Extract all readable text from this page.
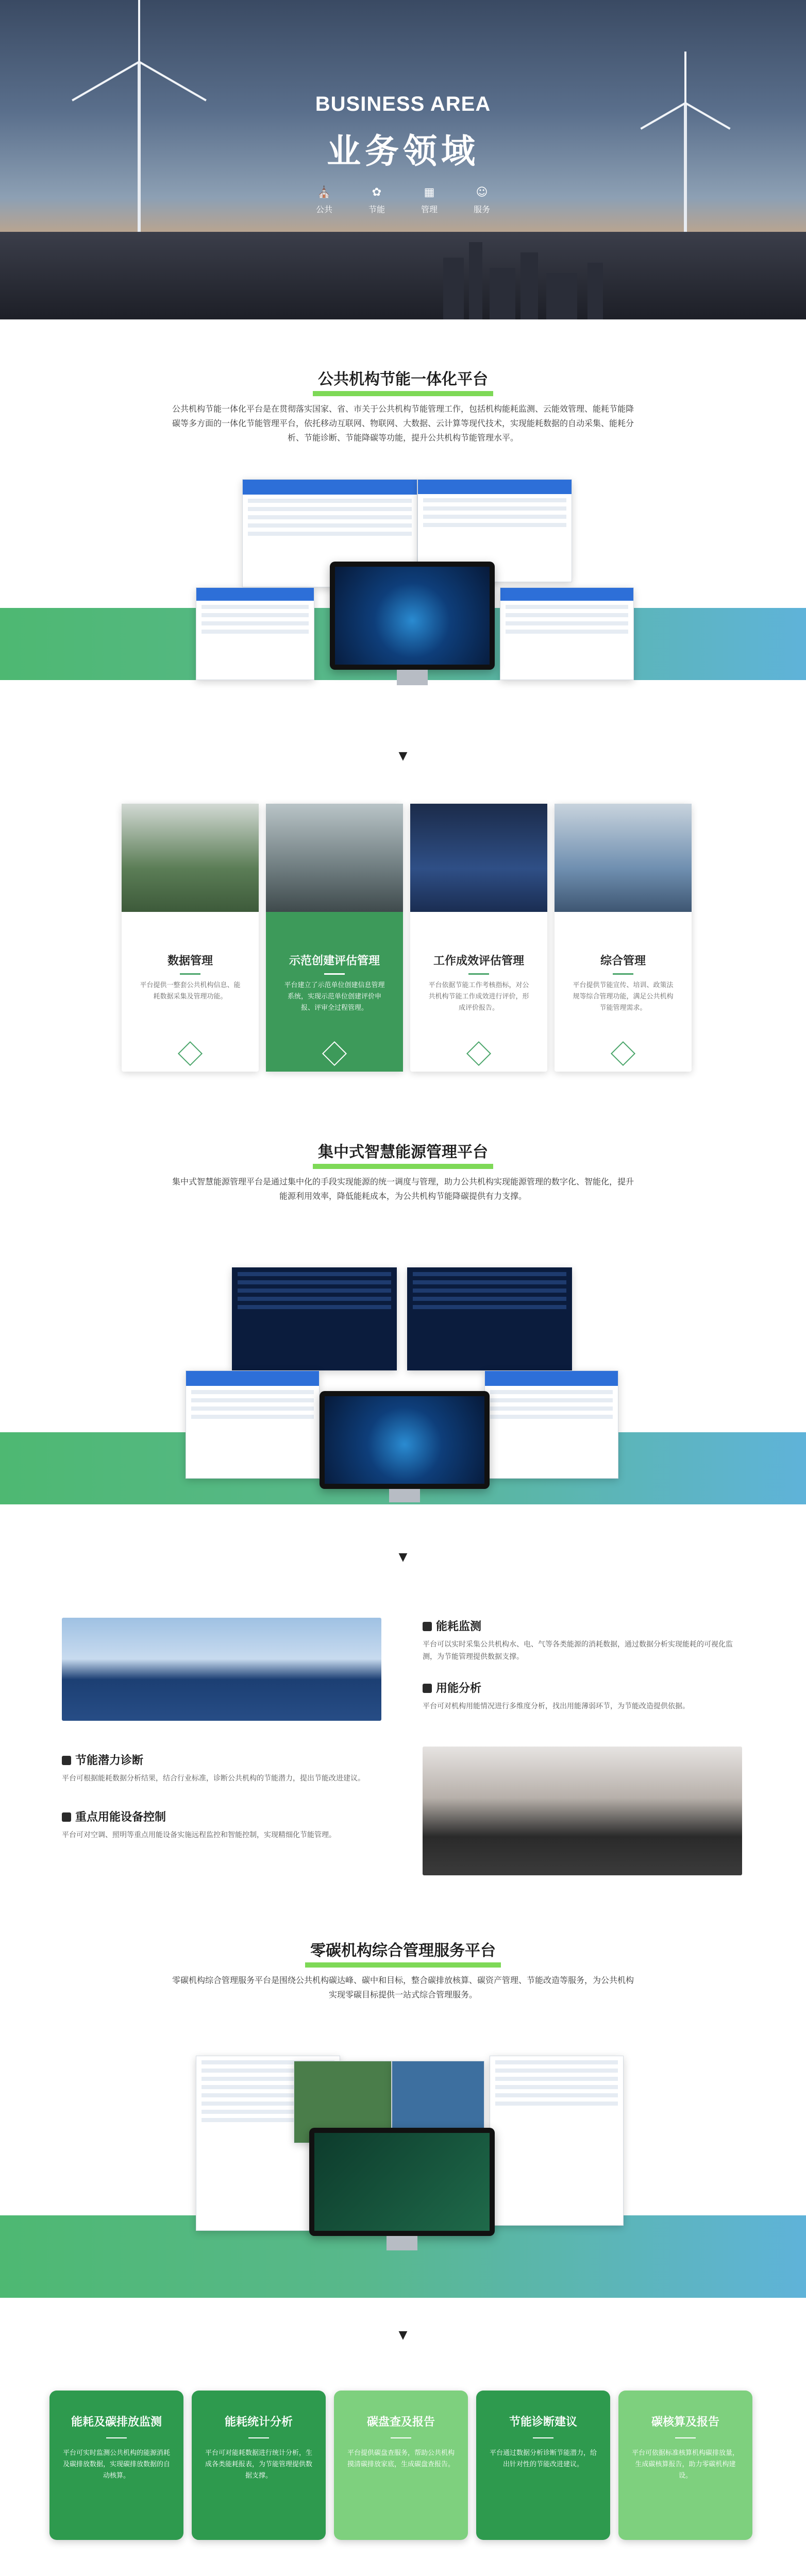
BUSINESS AREA
业务领域
⛪
公共
✿
节能
▦
管理
☺
服务
公共机构节能一体化平台
公共机构节能一体化平台是在贯彻落实国家、省、市关于公共机构节能管理工作，包括机构能耗监测、云能效管理、能耗节能降碳等多方面的一体化节能管理平台，依托移动互联网、物联网、大数据、云计算等现代技术，实现能耗数据的自动采集、能耗分析、节能诊断、节能降碳等功能，提升公共机构节能管理水平。
▼
数据管理
平台提供一整套公共机构信息、能耗数据采集及管理功能。
示范创建评估管理
平台建立了示范单位创建信息管理系统，实现示范单位创建评价申报、评审全过程管理。
工作成效评估管理
平台依据节能工作考核指标，对公共机构节能工作成效进行评价，形成评价报告。
综合管理
平台提供节能宣传、培训、政策法规等综合管理功能，满足公共机构节能管理需求。
集中式智慧能源管理平台
集中式智慧能源管理平台是通过集中化的手段实现能源的统一调度与管理，助力公共机构实现能源管理的数字化、智能化，提升能源利用效率，降低能耗成本，为公共机构节能降碳提供有力支撑。
▼
能耗监测
平台可以实时采集公共机构水、电、气等各类能源的消耗数据，通过数据分析实现能耗的可视化监测，为节能管理提供数据支撑。
用能分析
平台可对机构用能情况进行多维度分析，找出用能薄弱环节，为节能改造提供依据。
节能潜力诊断
平台可根据能耗数据分析结果，结合行业标准，诊断公共机构的节能潜力，提出节能改进建议。
重点用能设备控制
平台可对空调、照明等重点用能设备实施远程监控和智能控制，实现精细化节能管理。
零碳机构综合管理服务平台
零碳机构综合管理服务平台是围绕公共机构碳达峰、碳中和目标，整合碳排放核算、碳资产管理、节能改造等服务，为公共机构实现零碳目标提供一站式综合管理服务。
▼
能耗及碳排放监测
平台可实时监测公共机构的能源消耗及碳排放数据，实现碳排放数据的自动核算。
能耗统计分析
平台可对能耗数据进行统计分析，生成各类能耗报表，为节能管理提供数据支撑。
碳盘查及报告
平台提供碳盘查服务，帮助公共机构摸清碳排放家底，生成碳盘查报告。
节能诊断建议
平台通过数据分析诊断节能潜力，给出针对性的节能改进建议。
碳核算及报告
平台可依据标准核算机构碳排放量，生成碳核算报告，助力零碳机构建设。
